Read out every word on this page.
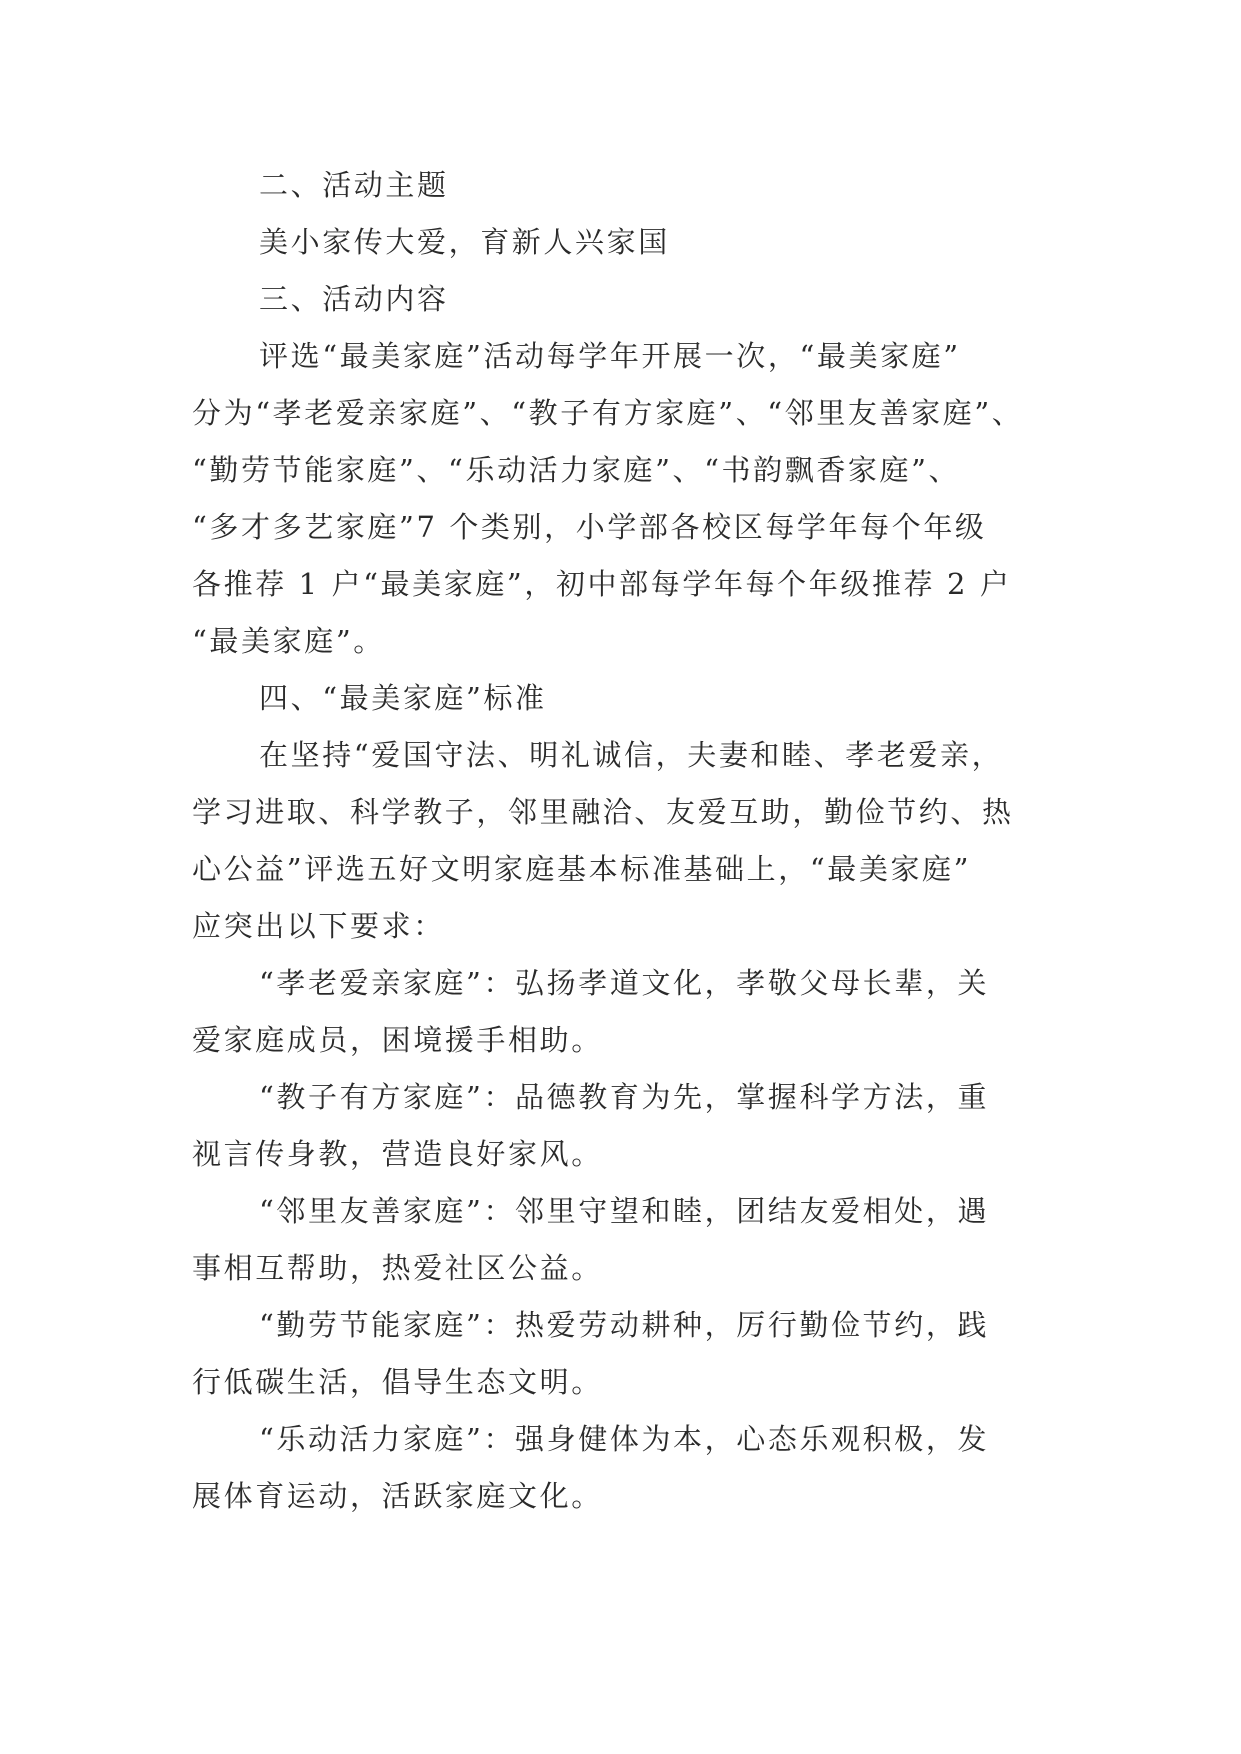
二、活动主题

美小家传大爱，育新人兴家国

三、活动内容

评选“最美家庭”活动每学年开展一次，“最美家庭”

分为“孝老爱亲家庭”、“教子有方家庭”、“邻里友善家庭”、

“勤劳节能家庭”、“乐动活力家庭”、“书韵飘香家庭”、

“多才多艺家庭”7 个类别，小学部各校区每学年每个年级

各推荐 1 户“最美家庭”，初中部每学年每个年级推荐 2 户

“最美家庭”。

四、“最美家庭”标准

在坚持“爱国守法、明礼诚信，夫妻和睦、孝老爱亲，

学习进取、科学教子，邻里融洽、友爱互助，勤俭节约、热

心公益”评选五好文明家庭基本标准基础上，“最美家庭”

应突出以下要求：

“孝老爱亲家庭”：弘扬孝道文化，孝敬父母长辈，关

爱家庭成员，困境援手相助。

“教子有方家庭”：品德教育为先，掌握科学方法，重

视言传身教，营造良好家风。

“邻里友善家庭”：邻里守望和睦，团结友爱相处，遇

事相互帮助，热爱社区公益。

“勤劳节能家庭”：热爱劳动耕种，厉行勤俭节约，践

行低碳生活，倡导生态文明。

“乐动活力家庭”：强身健体为本，心态乐观积极，发

展体育运动，活跃家庭文化。
